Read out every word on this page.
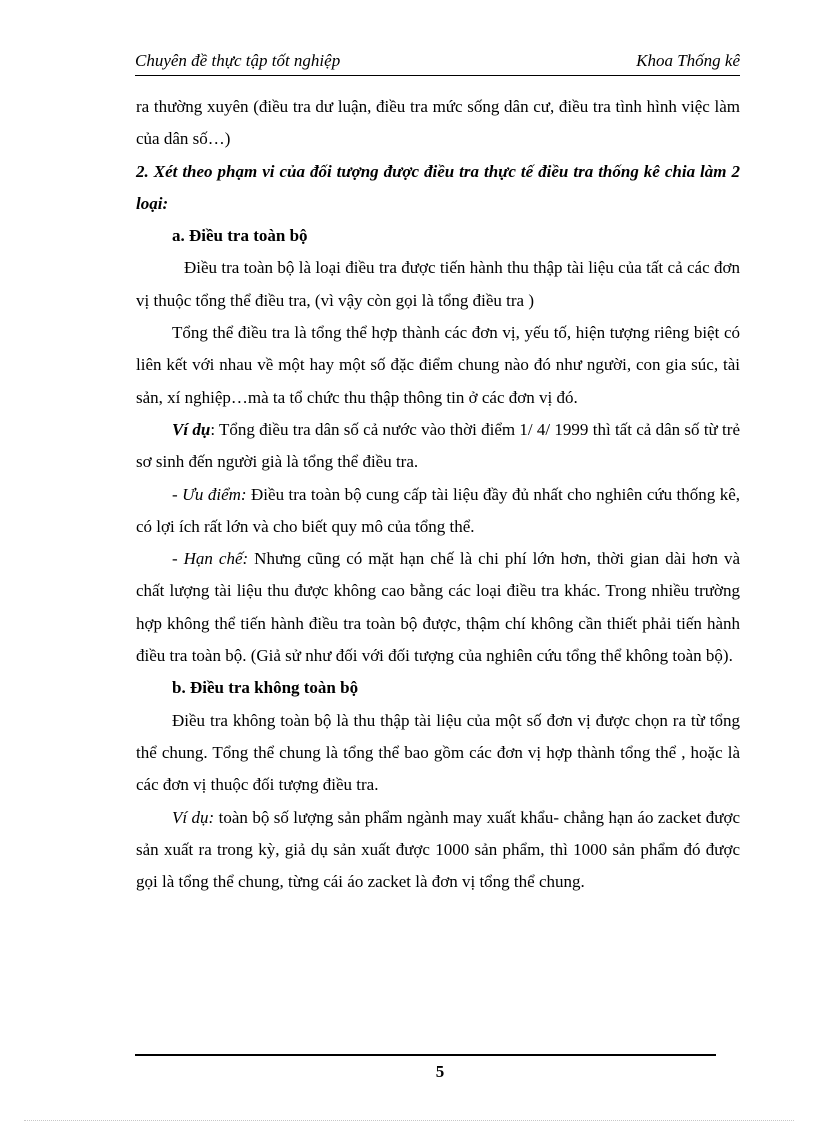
Chuyên đề thực tập tốt nghiệp	Khoa Thống kê

ra thường xuyên (điều tra dư luận, điều tra mức sống dân cư, điều tra tình hình việc làm của dân số…)

2. Xét theo phạm vi của đối tượng được điều tra thực tế điều tra thống kê chia làm 2 loại:

a. Điều tra toàn bộ

Điều tra toàn bộ là loại điều tra được tiến hành thu thập tài liệu của tất cả các đơn vị thuộc tổng thể điều tra, (vì vậy còn gọi là tổng điều tra )

Tổng thể điều tra là tổng thể hợp thành các đơn vị, yếu tố, hiện tượng riêng biệt có liên kết với nhau về một hay một số đặc điểm chung nào đó như người, con gia súc, tài sản, xí nghiệp…mà ta tổ chức thu thập thông tin ở các đơn vị đó.

Ví dụ: Tổng điều tra dân số cả nước vào thời điểm 1/ 4/ 1999 thì tất cả dân số từ trẻ sơ sinh đến người già là tổng thể điều tra.

- Ưu điểm: Điều tra toàn bộ cung cấp tài liệu đầy đủ nhất cho nghiên cứu thống kê, có lợi ích rất lớn và cho biết quy mô của tổng thể.

- Hạn chế: Nhưng cũng có mặt hạn chế là chi phí lớn hơn, thời gian dài hơn và chất lượng tài liệu thu được không cao bằng các loại điều tra khác. Trong nhiều trường hợp không thể tiến hành điều tra toàn bộ được, thậm chí không cần thiết phải tiến hành điều tra toàn bộ. (Giả sử như đối với đối tượng của nghiên cứu tổng thể không toàn bộ).

b. Điều tra không toàn bộ

Điều tra không toàn bộ là thu thập tài liệu của một số đơn vị được chọn ra từ tổng thể chung. Tổng thể chung là tổng thể bao gồm các đơn vị hợp thành tổng thể , hoặc là các đơn vị thuộc đối tượng điều tra.

Ví dụ: toàn bộ số lượng sản phẩm ngành may xuất khẩu- chẳng hạn áo zacket được sản xuất ra trong kỳ, giả dụ sản xuất được 1000 sản phẩm, thì 1000 sản phẩm đó được gọi là tổng thể chung, từng cái áo zacket là đơn vị tổng thể chung.

5
